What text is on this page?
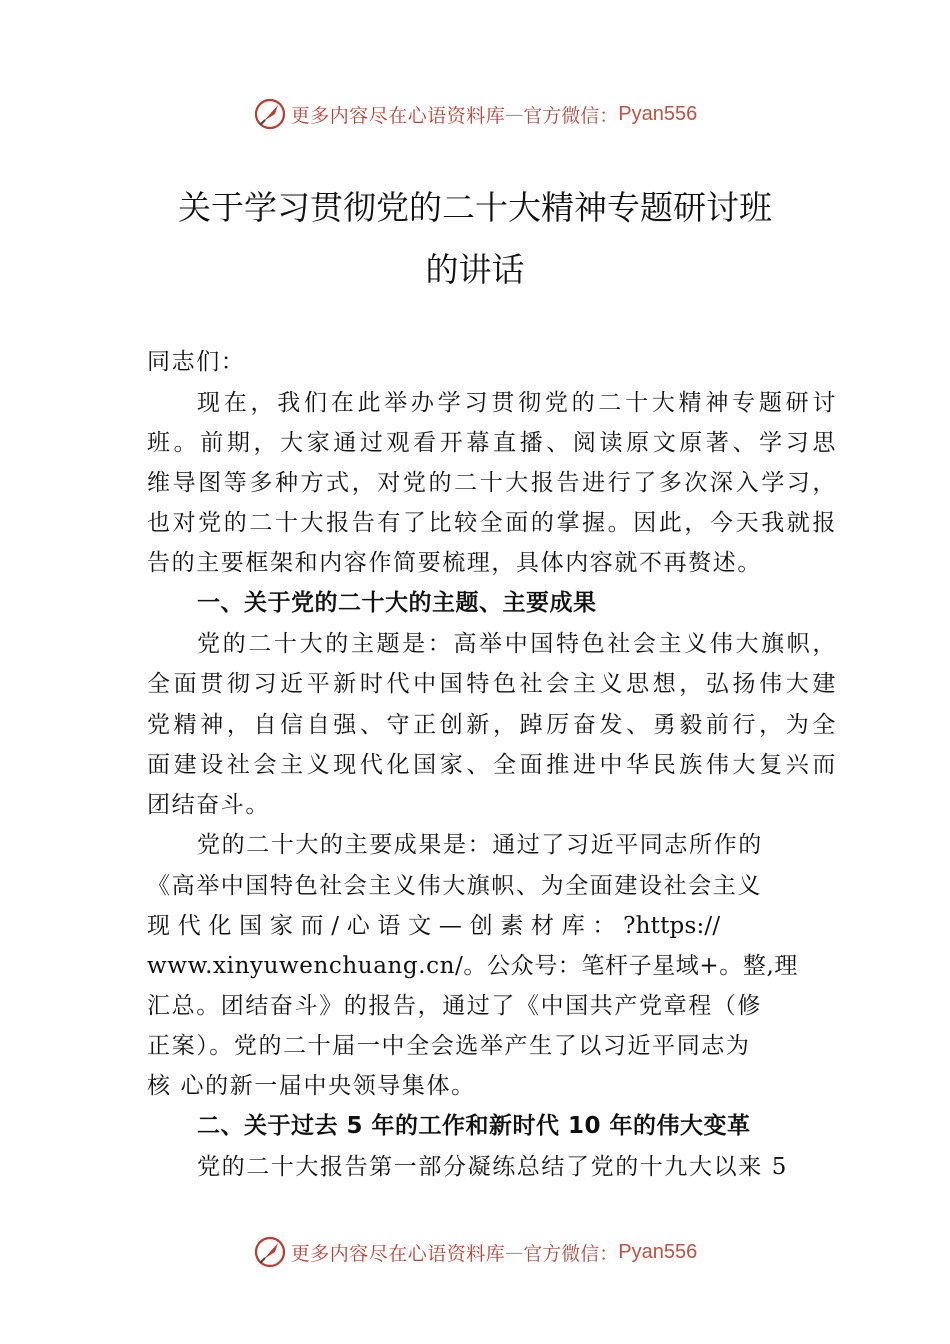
更多内容尽在心语资料库 — 官方微信： Pyan556
关于学习贯彻党的二十大精神专题研讨班
的讲话
同志们：
现在，我们在此举办学习贯彻党的二十大精神专题研讨
班。前期，大家通过观看开幕直播、阅读原文原著、学习思
维导图等多种方式，对党的二十大报告进行了多次深入学习，
也对党的二十大报告有了比较全面的掌握。因此，今天我就报
告的主要框架和内容作简要梳理，具体内容就不再赘述。
一、关于党的二十大的主题、主要成果
党的二十大的主题是：高举中国特色社会主义伟大旗帜，
全面贯彻习近平新时代中国特色社会主义思想，弘扬伟大建
党精神，自信自强、守正创新，踔厉奋发、勇毅前行，为全
面建设社会主义现代化国家、全面推进中华民族伟大复兴而
团结奋斗。
党的二十大的主要成果是：通过了习近平同志所作的
《高举中国特色社会主义伟大旗帜、为全面建设社会主义
现 代 化 国 家 而 / 心 语 文 — 创 素 材 库 ： ?https://
www.xinyuwenchuang.cn/。公众号：笔杆子星域+。整,理
汇总。团结奋斗》的报告，通过了《中国共产党章程（修
正案）。党的二十届一中全会选举产生了以习近平同志为
核 心的新一届中央领导集体。
二、关于过去 5 年的工作和新时代 10 年的伟大变革
党的二十大报告第一部分凝练总结了党的十九大以来 5
更多内容尽在心语资料库 — 官方微信： Pyan556
